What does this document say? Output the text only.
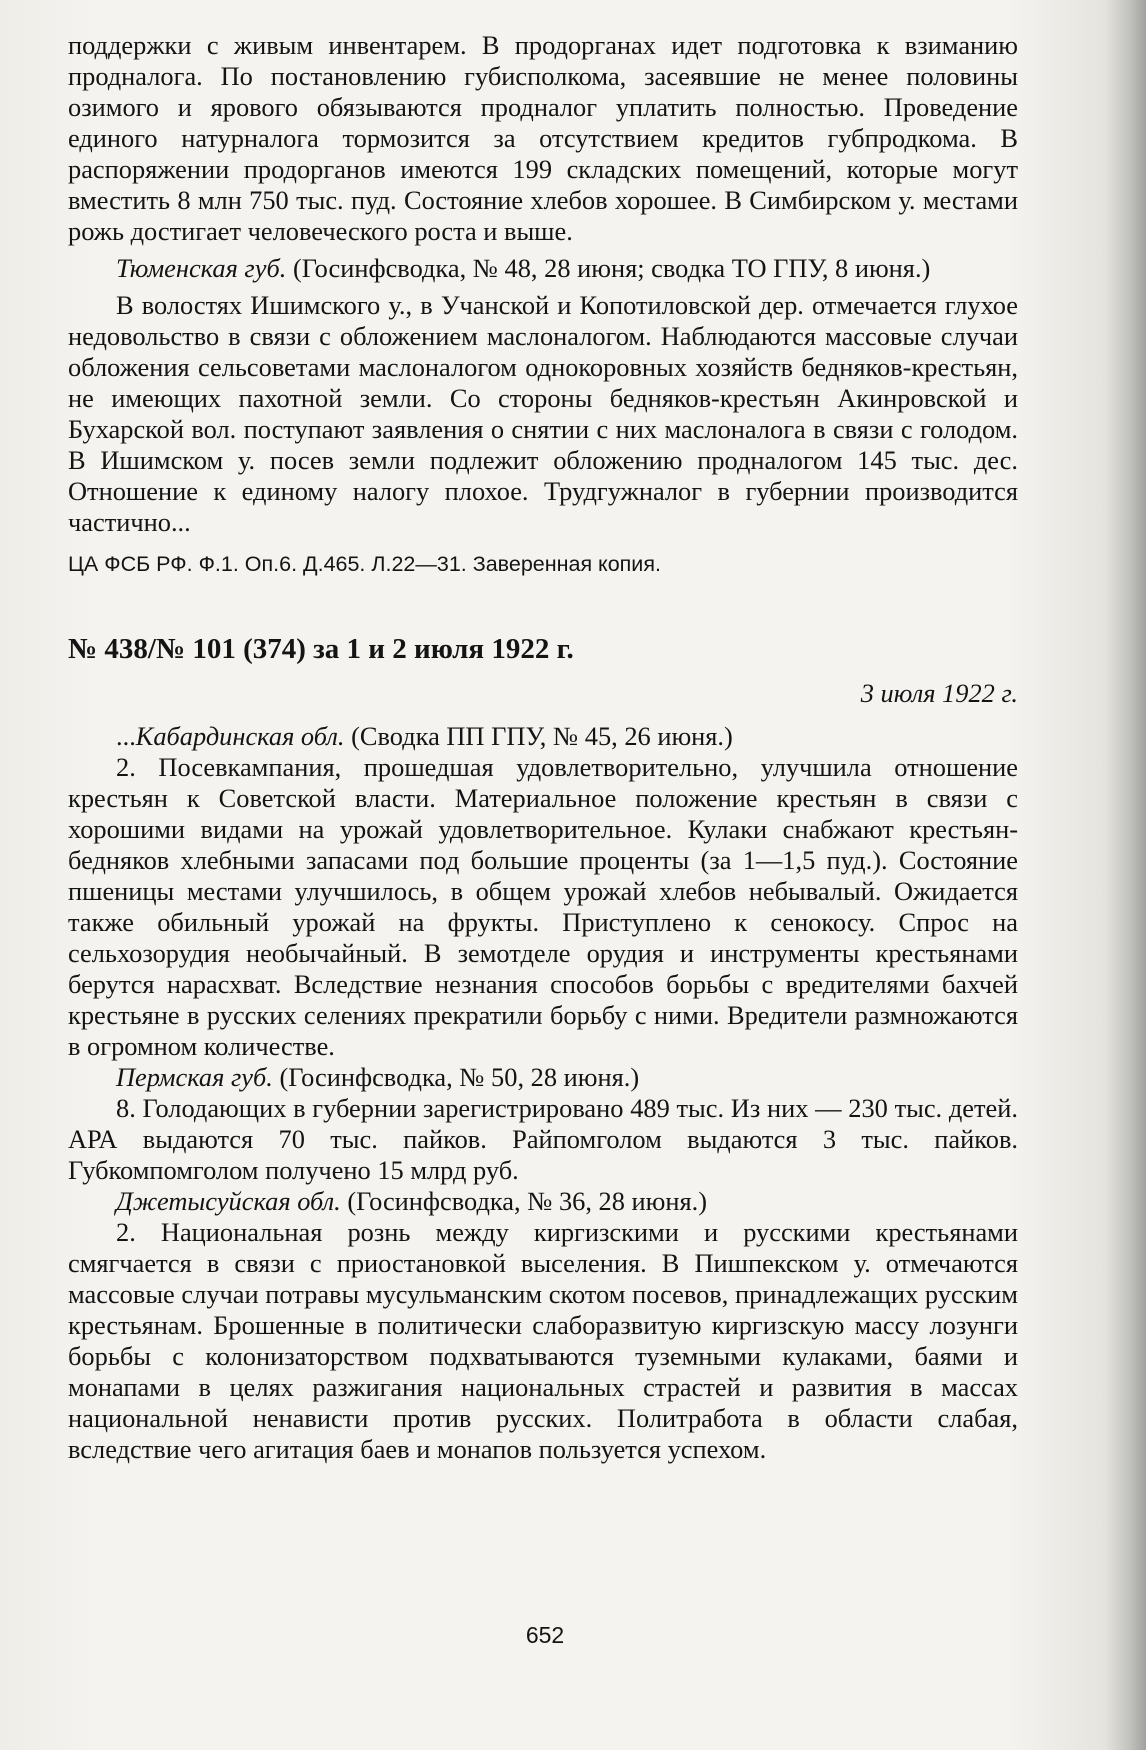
поддержки с живым инвентарем. В продорганах идет подготовка к взиманию продналога. По постановлению губисполкома, засеявшие не менее половины озимого и ярового обязываются продналог уплатить полностью. Проведение единого натурналога тормозится за отсутствием кредитов губпродкома. В распоряжении продорганов имеются 199 складских помещений, которые могут вместить 8 млн 750 тыс. пуд. Состояние хлебов хорошее. В Симбирском у. местами рожь достигает человеческого роста и выше.

Тюменская губ. (Госинфсводка, № 48, 28 июня; сводка ТО ГПУ, 8 июня.)

В волостях Ишимского у., в Учанской и Копотиловской дер. отмечается глухое недовольство в связи с обложением маслоналогом. Наблюдаются массовые случаи обложения сельсоветами маслоналогом однокоровных хозяйств бедняков-крестьян, не имеющих пахотной земли. Со стороны бедняков-крестьян Акинровской и Бухарской вол. поступают заявления о снятии с них маслоналога в связи с голодом. В Ишимском у. посев земли подлежит обложению продналогом 145 тыс. дес. Отношение к единому налогу плохое. Трудгужналог в губернии производится частично...

ЦА ФСБ РФ. Ф.1. Оп.6. Д.465. Л.22—31. Заверенная копия.

№ 438/№ 101 (374) за 1 и 2 июля 1922 г.

3 июля 1922 г.

...Кабардинская обл. (Сводка ПП ГПУ, № 45, 26 июня.)

2. Посевкампания, прошедшая удовлетворительно, улучшила отношение крестьян к Советской власти. Материальное положение крестьян в связи с хорошими видами на урожай удовлетворительное. Кулаки снабжают крестьян-бедняков хлебными запасами под большие проценты (за 1—1,5 пуд.). Состояние пшеницы местами улучшилось, в общем урожай хлебов небывалый. Ожидается также обильный урожай на фрукты. Приступлено к сенокосу. Спрос на сельхозорудия необычайный. В земотделе орудия и инструменты крестьянами берутся нарасхват. Вследствие незнания способов борьбы с вредителями бахчей крестьяне в русских селениях прекратили борьбу с ними. Вредители размножаются в огромном количестве.

Пермская губ. (Госинфсводка, № 50, 28 июня.)

8. Голодающих в губернии зарегистрировано 489 тыс. Из них — 230 тыс. детей. АРА выдаются 70 тыс. пайков. Райпомголом выдаются 3 тыс. пайков. Губкомпомголом получено 15 млрд руб.

Джетысуйская обл. (Госинфсводка, № 36, 28 июня.)

2. Национальная рознь между киргизскими и русскими крестьянами смягчается в связи с приостановкой выселения. В Пишпекском у. отмечаются массовые случаи потравы мусульманским скотом посевов, принадлежащих русским крестьянам. Брошенные в политически слаборазвитую киргизскую массу лозунги борьбы с колонизаторством подхватываются туземными кулаками, баями и монапами в целях разжигания национальных страстей и развития в массах национальной ненависти против русских. Политработа в области слабая, вследствие чего агитация баев и монапов пользуется успехом.

652
